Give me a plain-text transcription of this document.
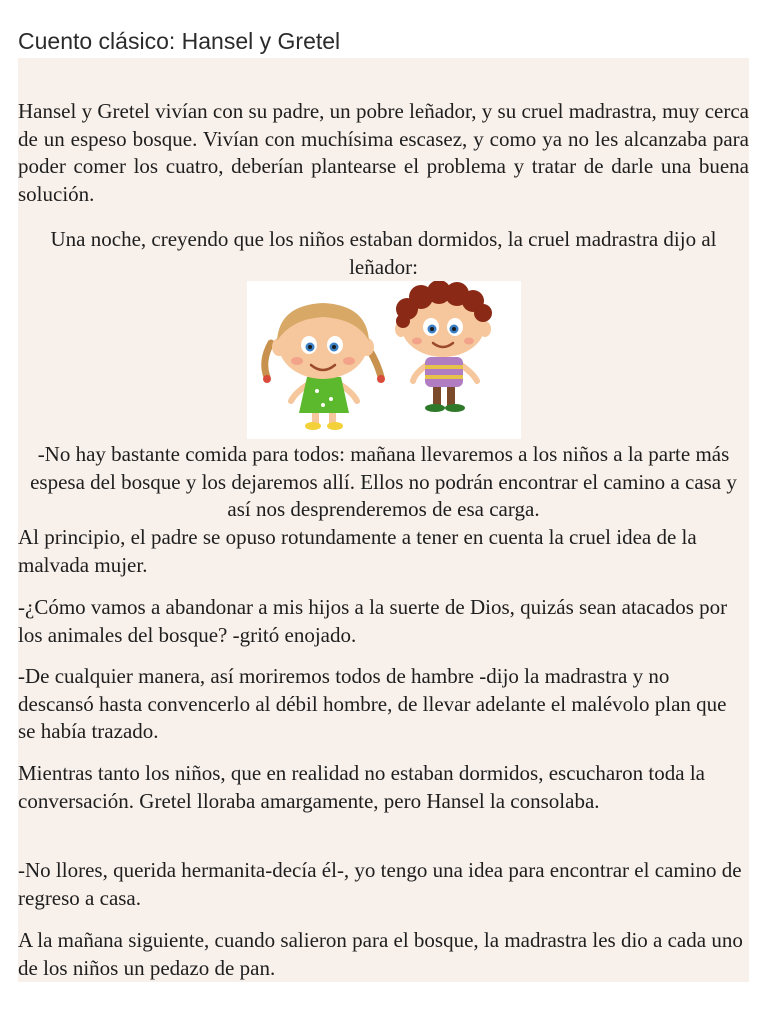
Cuento clásico: Hansel y Gretel

Hansel y Gretel vivían con su padre, un pobre leñador, y su cruel madrastra, muy cerca de un espeso bosque. Vivían con muchísima escasez, y como ya no les alcanzaba para poder comer los cuatro, deberían plantearse el problema y tratar de darle una buena solución.

Una noche, creyendo que los niños estaban dormidos, la cruel madrastra dijo al leñador:

-No hay bastante comida para todos: mañana llevaremos a los niños a la parte más espesa del bosque y los dejaremos allí. Ellos no podrán encontrar el camino a casa y así nos desprenderemos de esa carga.

Al principio, el padre se opuso rotundamente a tener en cuenta la cruel idea de la malvada mujer.

-¿Cómo vamos a abandonar a mis hijos a la suerte de Dios, quizás sean atacados por los animales del bosque? -gritó enojado.

-De cualquier manera, así moriremos todos de hambre -dijo la madrastra y no descansó hasta convencerlo al débil hombre, de llevar adelante el malévolo plan que se había trazado.

Mientras tanto los niños, que en realidad no estaban dormidos, escucharon toda la conversación. Gretel lloraba amargamente, pero Hansel la consolaba.

-No llores, querida hermanita-decía él-, yo tengo una idea para encontrar el camino de regreso a casa.

A la mañana siguiente, cuando salieron para el bosque, la madrastra les dio a cada uno de los niños un pedazo de pan.
